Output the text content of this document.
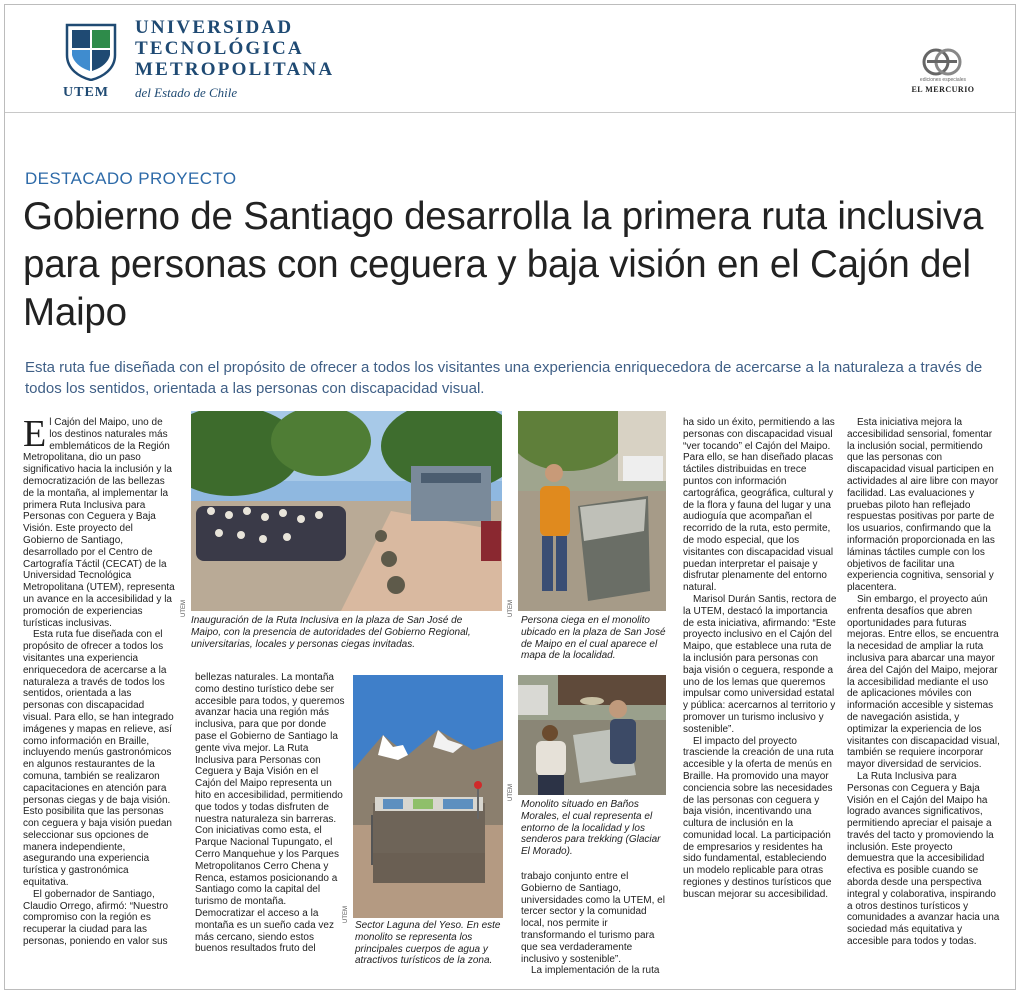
UTEM
UNIVERSIDAD
TECNOLÓGICA
METROPOLITANA
del Estado de Chile
ediciones especiales
EL MERCURIO
DESTACADO PROYECTO
Gobierno de Santiago desarrolla la primera ruta inclusiva para personas con ceguera y baja visión en el Cajón del Maipo
Esta ruta fue diseñada con el propósito de ofrecer a todos los visitantes una experiencia enriquecedora de acercarse a la naturaleza a través de todos los sentidos, orientada a las personas con discapacidad visual.

El Cajón del Maipo, uno de los destinos naturales más emblemáticos de la Región Metropolitana, dio un paso significativo hacia la inclusión y la democratización de las bellezas de la montaña, al implementar la primera Ruta Inclusiva para Personas con Ceguera y Baja Visión. Este proyecto del Gobierno de Santiago, desarrollado por el Centro de Cartografía Táctil (CECAT) de la Universidad Tecnológica Metropolitana (UTEM), representa un avance en la accesibilidad y la promoción de experiencias turísticas inclusivas.

Esta ruta fue diseñada con el propósito de ofrecer a todos los visitantes una experiencia enriquecedora de acercarse a la naturaleza a través de todos los sentidos, orientada a las personas con discapacidad visual. Para ello, se han integrado imágenes y mapas en relieve, así como información en Braille, incluyendo menús gastronómicos en algunos restaurantes de la comuna, también se realizaron capacitaciones en atención para personas ciegas y de baja visión. Esto posibilita que las personas con ceguera y baja visión puedan seleccionar sus opciones de manera independiente, asegurando una experiencia turística y gastronómica equitativa.

El gobernador de Santiago, Claudio Orrego, afirmó: “Nuestro compromiso con la región es recuperar la ciudad para las personas, poniendo en valor sus

UTEM
Inauguración de la Ruta Inclusiva en la plaza de San José de Maipo, con la presencia de autoridades del Gobierno Regional, universitarias, locales y personas ciegas invitadas.
UTEM
Persona ciega en el monolito ubicado en la plaza de San José de Maipo en el cual aparece el mapa de la localidad.

bellezas naturales. La montaña como destino turístico debe ser accesible para todos, y queremos avanzar hacia una región más inclusiva, para que por donde pase el Gobierno de Santiago la gente viva mejor. La Ruta Inclusiva para Personas con Ceguera y Baja Visión en el Cajón del Maipo representa un hito en accesibilidad, permitiendo que todos y todas disfruten de nuestra naturaleza sin barreras. Con iniciativas como esta, el Parque Nacional Tupungato, el Cerro Manquehue y los Parques Metropolitanos Cerro Chena y Renca, estamos posicionando a Santiago como la capital del turismo de montaña. Democratizar el acceso a la montaña es un sueño cada vez más cercano, siendo estos buenos resultados fruto del

UTEM
Sector Laguna del Yeso. En este monolito se representa los principales cuerpos de agua y atractivos turísticos de la zona.
UTEM
Monolito situado en Baños Morales, el cual representa el entorno de la localidad y los senderos para trekking (Glaciar El Morado).

trabajo conjunto entre el Gobierno de Santiago, universidades como la UTEM, el tercer sector y la comunidad local, nos permite ir transformando el turismo para que sea verdaderamente inclusivo y sostenible”.

La implementación de la ruta

ha sido un éxito, permitiendo a las personas con discapacidad visual “ver tocando” el Cajón del Maipo. Para ello, se han diseñado placas táctiles distribuidas en trece puntos con información cartográfica, geográfica, cultural y de la flora y fauna del lugar y una audioguía que acompañan el recorrido de la ruta, esto permite, de modo especial, que los visitantes con discapacidad visual puedan interpretar el paisaje y disfrutar plenamente del entorno natural.

Marisol Durán Santis, rectora de la UTEM, destacó la importancia de esta iniciativa, afirmando: “Este proyecto inclusivo en el Cajón del Maipo, que establece una ruta de la inclusión para personas con baja visión o ceguera, responde a uno de los lemas que queremos impulsar como universidad estatal y pública: acercarnos al territorio y promover un turismo inclusivo y sostenible”.

El impacto del proyecto trasciende la creación de una ruta accesible y la oferta de menús en Braille. Ha promovido una mayor conciencia sobre las necesidades de las personas con ceguera y baja visión, incentivando una cultura de inclusión en la comunidad local. La participación de empresarios y residentes ha sido fundamental, estableciendo un modelo replicable para otras regiones y destinos turísticos que buscan mejorar su accesibilidad.

Esta iniciativa mejora la accesibilidad sensorial, fomentar la inclusión social, permitiendo que las personas con discapacidad visual participen en actividades al aire libre con mayor facilidad. Las evaluaciones y pruebas piloto han reflejado respuestas positivas por parte de los usuarios, confirmando que la información proporcionada en las láminas táctiles cumple con los objetivos de facilitar una experiencia cognitiva, sensorial y placentera.

Sin embargo, el proyecto aún enfrenta desafíos que abren oportunidades para futuras mejoras. Entre ellos, se encuentra la necesidad de ampliar la ruta inclusiva para abarcar una mayor área del Cajón del Maipo, mejorar la accesibilidad mediante el uso de aplicaciones móviles con información accesible y sistemas de navegación asistida, y optimizar la experiencia de los visitantes con discapacidad visual, también se requiere incorporar mayor diversidad de servicios.

La Ruta Inclusiva para Personas con Ceguera y Baja Visión en el Cajón del Maipo ha logrado avances significativos, permitiendo apreciar el paisaje a través del tacto y promoviendo la inclusión. Este proyecto demuestra que la accesibilidad efectiva es posible cuando se aborda desde una perspectiva integral y colaborativa, inspirando a otros destinos turísticos y comunidades a avanzar hacia una sociedad más equitativa y accesible para todos y todas.
